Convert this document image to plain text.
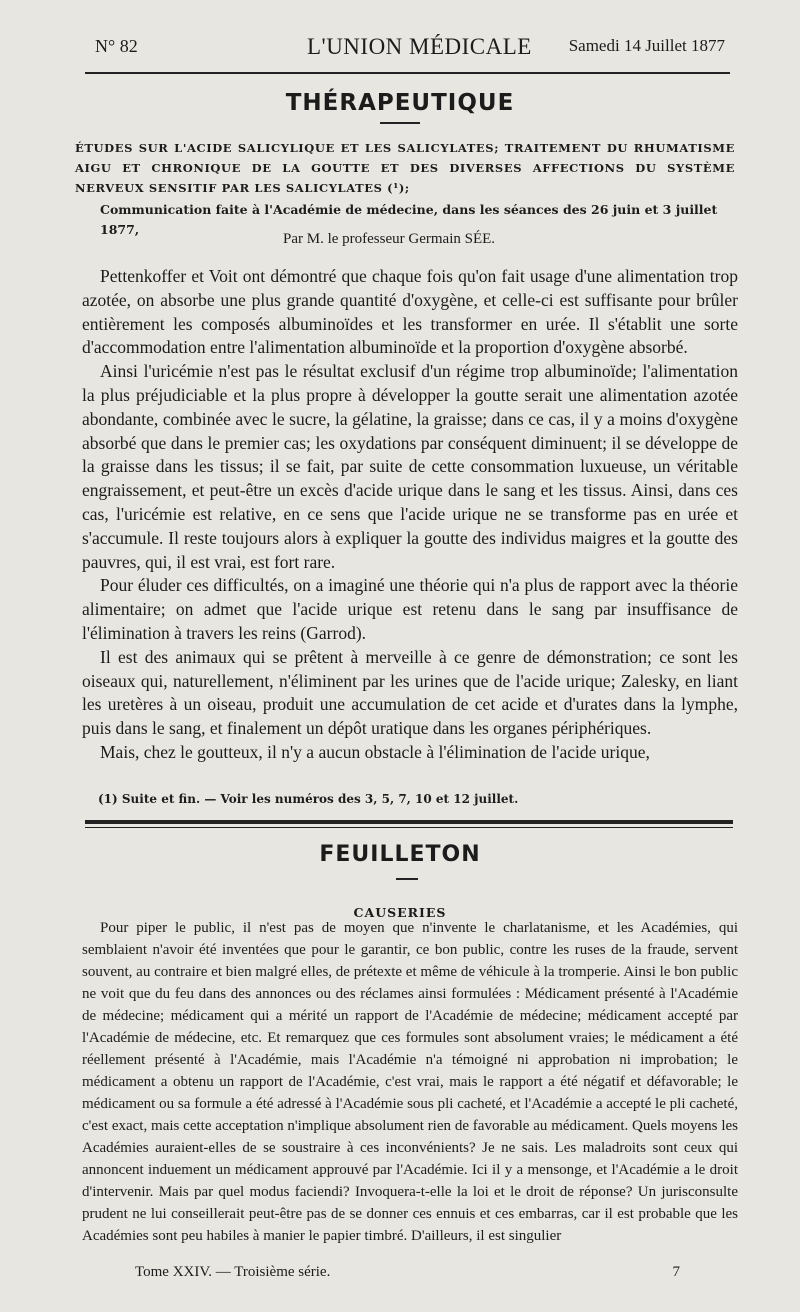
N° 82	L'UNION MÉDICALE Samedi 14 Juillet 1877
THÉRAPEUTIQUE
ÉTUDES SUR L'ACIDE SALICYLIQUE ET LES SALICYLATES; TRAITEMENT DU RHUMATISME AIGU ET CHRONIQUE DE LA GOUTTE ET DES DIVERSES AFFECTIONS DU SYSTÈME NERVEUX SENSITIF PAR LES SALICYLATES (¹);
Communication faite à l'Académie de médecine, dans les séances des 26 juin et 3 juillet 1877,
Par M. le professeur Germain SÉE.

Pettenkoffer et Voit ont démontré que chaque fois qu'on fait usage d'une alimentation trop azotée, on absorbe une plus grande quantité d'oxygène, et celle-ci est suffisante pour brûler entièrement les composés albuminoïdes et les transformer en urée. Il s'établit une sorte d'accommodation entre l'alimentation albuminoïde et la proportion d'oxygène absorbé.

Ainsi l'uricémie n'est pas le résultat exclusif d'un régime trop albuminoïde; l'alimentation la plus préjudiciable et la plus propre à développer la goutte serait une alimentation azotée abondante, combinée avec le sucre, la gélatine, la graisse; dans ce cas, il y a moins d'oxygène absorbé que dans le premier cas; les oxydations par conséquent diminuent; il se développe de la graisse dans les tissus; il se fait, par suite de cette consommation luxueuse, un véritable engraissement, et peut-être un excès d'acide urique dans le sang et les tissus. Ainsi, dans ces cas, l'uricémie est relative, en ce sens que l'acide urique ne se transforme pas en urée et s'accumule. Il reste toujours alors à expliquer la goutte des individus maigres et la goutte des pauvres, qui, il est vrai, est fort rare.

Pour éluder ces difficultés, on a imaginé une théorie qui n'a plus de rapport avec la théorie alimentaire; on admet que l'acide urique est retenu dans le sang par insuffisance de l'élimination à travers les reins (Garrod).

Il est des animaux qui se prêtent à merveille à ce genre de démonstration; ce sont les oiseaux qui, naturellement, n'éliminent par les urines que de l'acide urique; Zalesky, en liant les uretères à un oiseau, produit une accumulation de cet acide et d'urates dans la lymphe, puis dans le sang, et finalement un dépôt uratique dans les organes périphériques.

Mais, chez le goutteux, il n'y a aucun obstacle à l'élimination de l'acide urique,

(1) Suite et fin. — Voir les numéros des 3, 5, 7, 10 et 12 juillet.
FEUILLETON
CAUSERIES

Pour piper le public, il n'est pas de moyen que n'invente le charlatanisme, et les Académies, qui semblaient n'avoir été inventées que pour le garantir, ce bon public, contre les ruses de la fraude, servent souvent, au contraire et bien malgré elles, de prétexte et même de véhicule à la tromperie. Ainsi le bon public ne voit que du feu dans des annonces ou des réclames ainsi formulées : Médicament présenté à l'Académie de médecine; médicament qui a mérité un rapport de l'Académie de médecine; médicament accepté par l'Académie de médecine, etc. Et remarquez que ces formules sont absolument vraies; le médicament a été réellement présenté à l'Académie, mais l'Académie n'a témoigné ni approbation ni improbation; le médicament a obtenu un rapport de l'Académie, c'est vrai, mais le rapport a été négatif et défavorable; le médicament ou sa formule a été adressé à l'Académie sous pli cacheté, et l'Académie a accepté le pli cacheté, c'est exact, mais cette acceptation n'implique absolument rien de favorable au médicament. Quels moyens les Académies auraient-elles de se soustraire à ces inconvénients? Je ne sais. Les maladroits sont ceux qui annoncent induement un médicament approuvé par l'Académie. Ici il y a mensonge, et l'Académie a le droit d'intervenir. Mais par quel modus faciendi? Invoquera-t-elle la loi et le droit de réponse? Un jurisconsulte prudent ne lui conseillerait peut-être pas de se donner ces ennuis et ces embarras, car il est probable que les Académies sont peu habiles à manier le papier timbré. D'ailleurs, il est singulier

Tome XXIV. — Troisième série.	7
